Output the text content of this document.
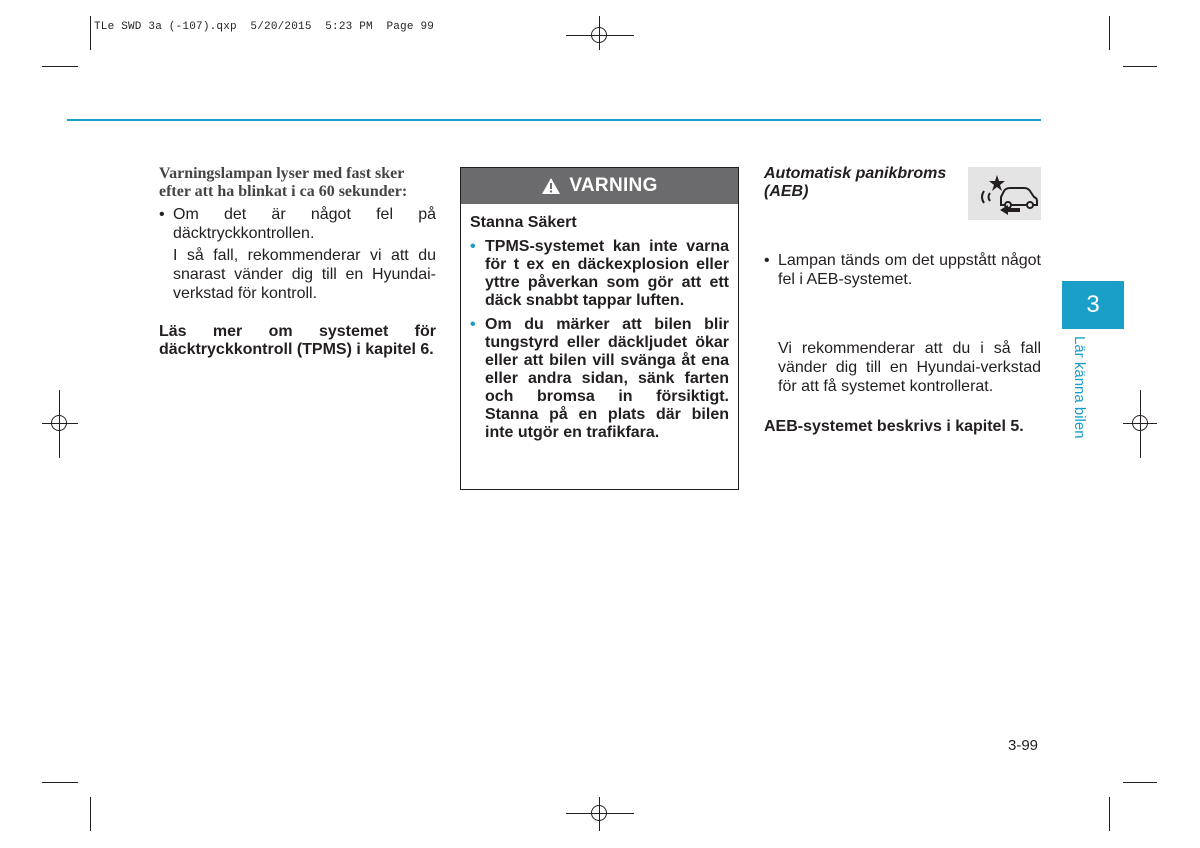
TLe SWD 3a (-107).qxp  5/20/2015  5:23 PM  Page 99
Varningslampan lyser med fast sker efter att ha blinkat i ca 60 sekunder:
• Om det är något fel på däcktryckkontrollen.
I så fall, rekommenderar vi att du snarast vänder dig till en Hyundai-verkstad för kontroll.
Läs mer om systemet för däcktryckkontroll (TPMS) i kapitel 6.
VARNING
Stanna Säkert
• TPMS-systemet kan inte varna för t ex en däckexplosion eller yttre påverkan som gör att ett däck snabbt tappar luften.
• Om du märker att bilen blir tungstyrd eller däckljudet ökar eller att bilen vill svänga åt ena eller andra sidan, sänk farten och bromsa in försiktigt. Stanna på en plats där bilen inte utgör en trafikfara.
Automatisk panikbroms (AEB)
• Lampan tänds om det uppstått något fel i AEB-systemet.
Vi rekommenderar att du i så fall vänder dig till en Hyundai-verkstad för att få systemet kontrollerat.
AEB-systemet beskrivs i kapitel 5.
3
Lär känna bilen
3-99
